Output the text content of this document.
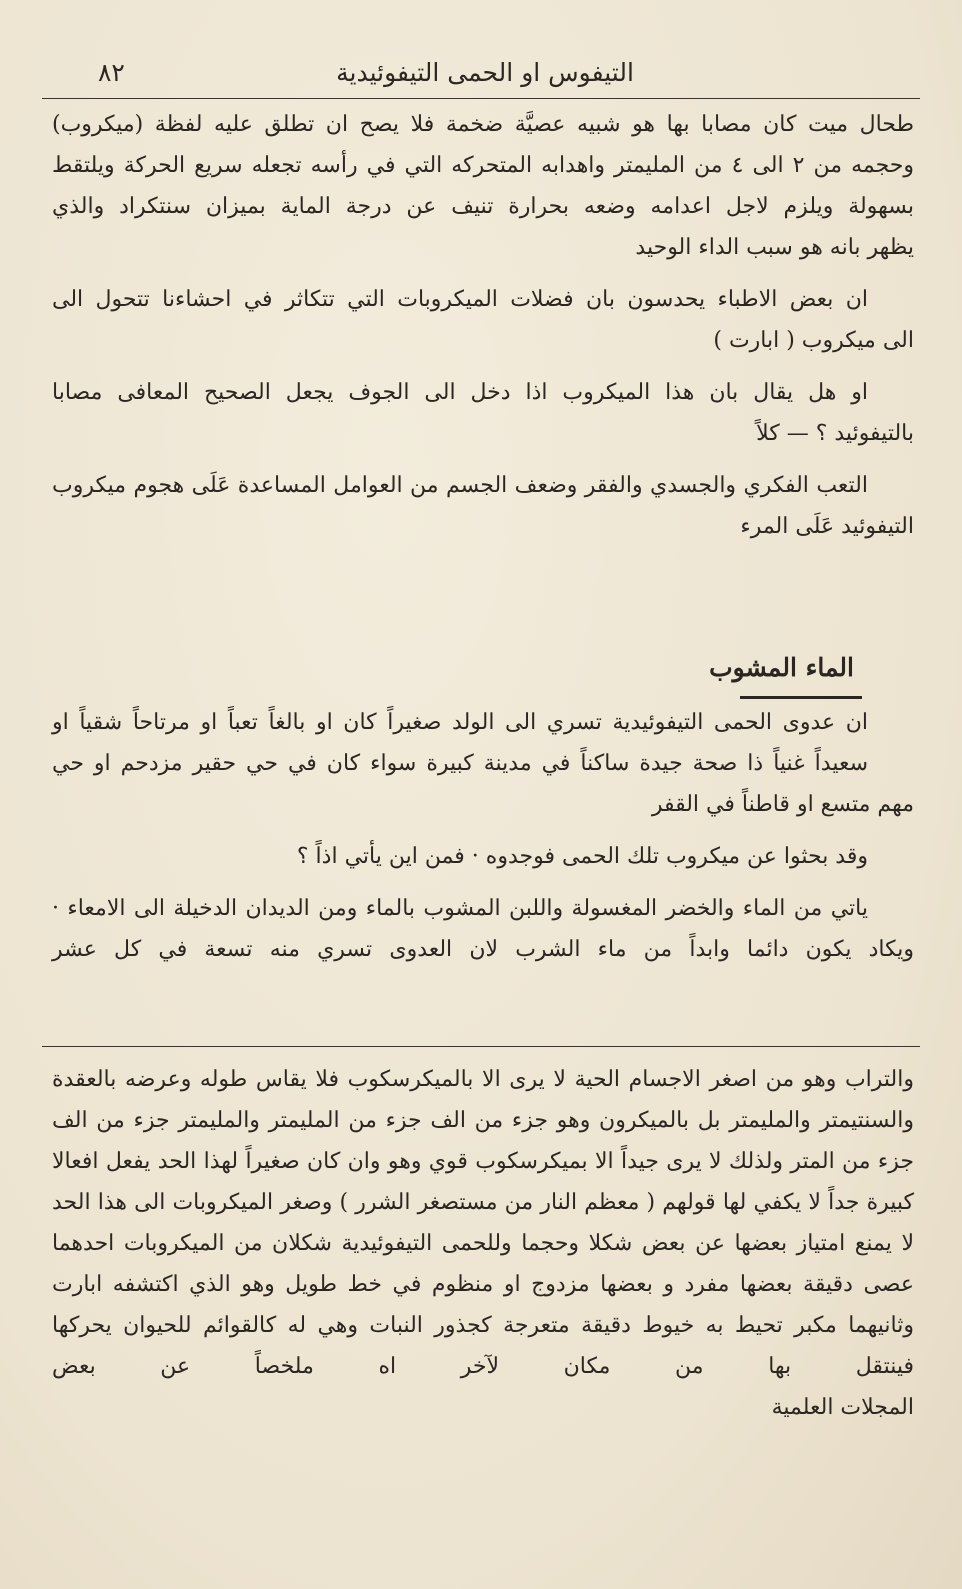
التيفوس او الحمى التيفوئيدية
٨٢

طحال ميت كان مصابا بها هو شبيه عصيَّة ضخمة فلا يصح ان تطلق عليه لفظة (ميكروب) وحجمه من ٢ الى ٤ من المليمتر واهدابه المتحركه التي في رأسه تجعله سريع الحركة ويلتقط بسهولة ويلزم لاجل اعدامه وضعه بحرارة تنيف عن درجة الماية بميزان سنتكراد والذي

يظهر بانه هو سبب الداء الوحيد

ان بعض الاطباء يحدسون بان فضلات الميكروبات التي تتكاثر في احشاءنا تتحول الى

الى ميكروب ( ابارت )

او هل يقال بان هذا الميكروب اذا دخل الى الجوف يجعل الصحيح المعافى مصابا

بالتيفوئيد ؟ — كلاً

التعب الفكري والجسدي والفقر وضعف الجسم من العوامل المساعدة عَلَى هجوم ميكروب

التيفوئيد عَلَى المرء

الماء المشوب

ان عدوى الحمى التيفوئيدية تسري الى الولد صغيراً كان او بالغاً تعباً او مرتاحاً شقياً او سعيداً غنياً ذا صحة جيدة ساكناً في مدينة كبيرة سواء كان في حي حقير مزدحم او حي

مهم متسع او قاطناً في القفر

وقد بحثوا عن ميكروب تلك الحمى فوجدوه · فمن اين يأتي اذاً ؟

ياتي من الماء والخضر المغسولة واللبن المشوب بالماء ومن الديدان الدخيلة الى الامعاء ·

ويكاد يكون دائما وابداً من ماء الشرب لان العدوى تسري منه تسعة في كل عشر

والتراب وهو من اصغر الاجسام الحية لا يرى الا بالميكرسكوب فلا يقاس طوله وعرضه بالعقدة والسنتيمتر والمليمتر بل بالميكرون وهو جزء من الف جزء من المليمتر والمليمتر جزء من الف جزء من المتر ولذلك لا يرى جيداً الا بميكرسكوب قوي وهو وان كان صغيراً لهذا الحد يفعل افعالا كبيرة جداً لا يكفي لها قولهم ( معظم النار من مستصغر الشرر ) وصغر الميكروبات الى هذا الحد لا يمنع امتياز بعضها عن بعض شكلا وحجما وللحمى التيفوئيدية شكلان من الميكروبات احدهما عصى دقيقة بعضها مفرد و بعضها مزدوج او منظوم في خط طويل وهو الذي اكتشفه ابارت وثانيهما مكبر تحيط به خيوط دقيقة متعرجة كجذور النبات وهي له كالقوائم للحيوان يحركها فينتقل بها من مكان لآخر اه ملخصاً عن بعض

المجلات العلمية
